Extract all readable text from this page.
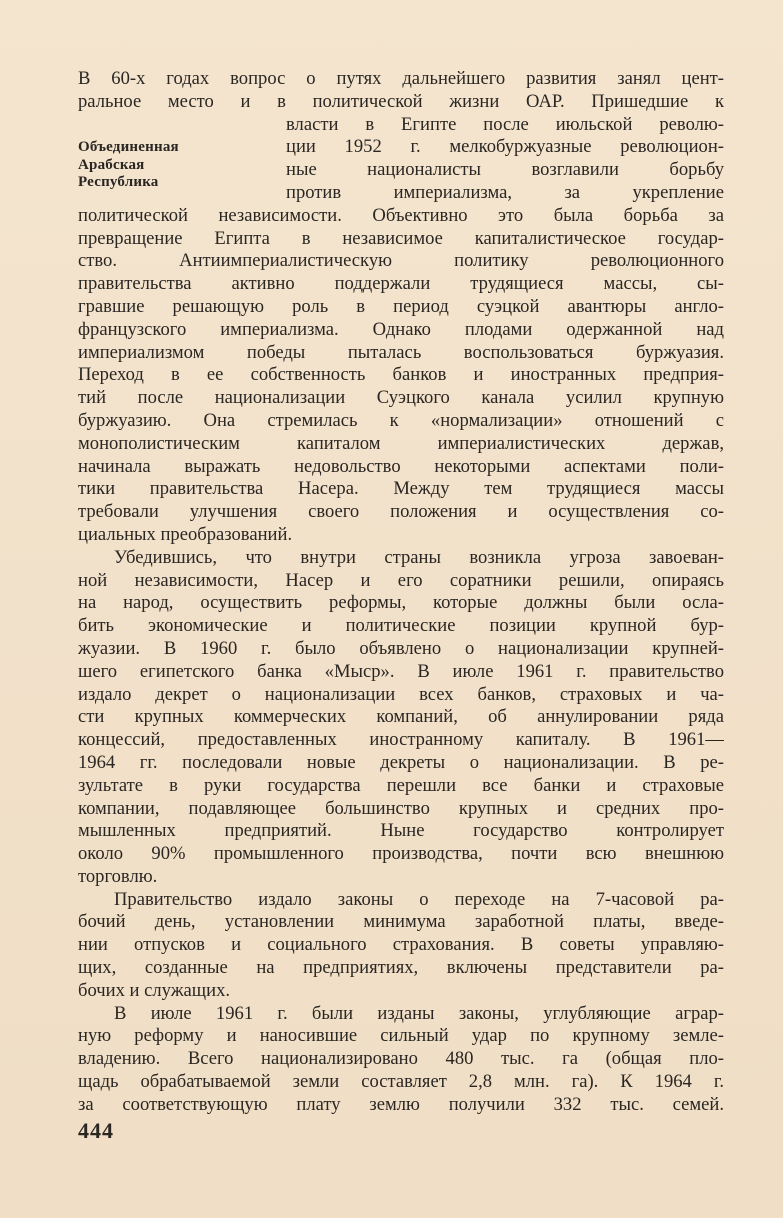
Объединенная
Арабская
Республика
В 60-х годах вопрос о путях дальнейшего развития занял цент-
ральное место и в политической жизни ОАР. Пришедшие к
власти в Египте после июльской револю-
ции 1952 г. мелкобуржуазные революцион-
ные националисты возглавили борьбу
против империализма, за укрепление
политической независимости. Объективно это была борьба за
превращение Египта в независимое капиталистическое государ-
ство. Антиимпериалистическую политику революционного
правительства активно поддержали трудящиеся массы, сы-
гравшие решающую роль в период суэцкой авантюры англо-
французского империализма. Однако плодами одержанной над
империализмом победы пыталась воспользоваться буржуазия.
Переход в ее собственность банков и иностранных предприя-
тий после национализации Суэцкого канала усилил крупную
буржуазию. Она стремилась к «нормализации» отношений с
монополистическим капиталом империалистических держав,
начинала выражать недовольство некоторыми аспектами поли-
тики правительства Насера. Между тем трудящиеся массы
требовали улучшения своего положения и осуществления со-
циальных преобразований.
Убедившись, что внутри страны возникла угроза завоеван-
ной независимости, Насер и его соратники решили, опираясь
на народ, осуществить реформы, которые должны были ослa-
бить экономические и политические позиции крупной бур-
жуазии. В 1960 г. было объявлено о национализации крупней-
шего египетского банка «Мыср». В июле 1961 г. правительство
издало декрет о национализации всех банков, страховых и ча-
сти крупных коммерческих компаний, об аннулировании ряда
концессий, предоставленных иностранному капиталу. В 1961—
1964 гг. последовали новые декреты о национализации. В ре-
зультате в руки государства перешли все банки и страховые
компании, подавляющее большинство крупных и средних про-
мышленных предприятий. Ныне государство контролирует
около 90% промышленного производства, почти всю внешнюю
торговлю.
Правительство издало законы о переходе на 7-часовой ра-
бочий день, установлении минимума заработной платы, введе-
нии отпусков и социального страхования. В советы управляю-
щих, созданные на предприятиях, включены представители ра-
бочих и служащих.
В июле 1961 г. были изданы законы, углубляющие аграр-
ную реформу и наносившие сильный удар по крупному земле-
владению. Всего национализировано 480 тыс. га (общая пло-
щадь обрабатываемой земли составляет 2,8 млн. га). К 1964 г.
за соответствующую плату землю получили 332 тыс. семей.
444
